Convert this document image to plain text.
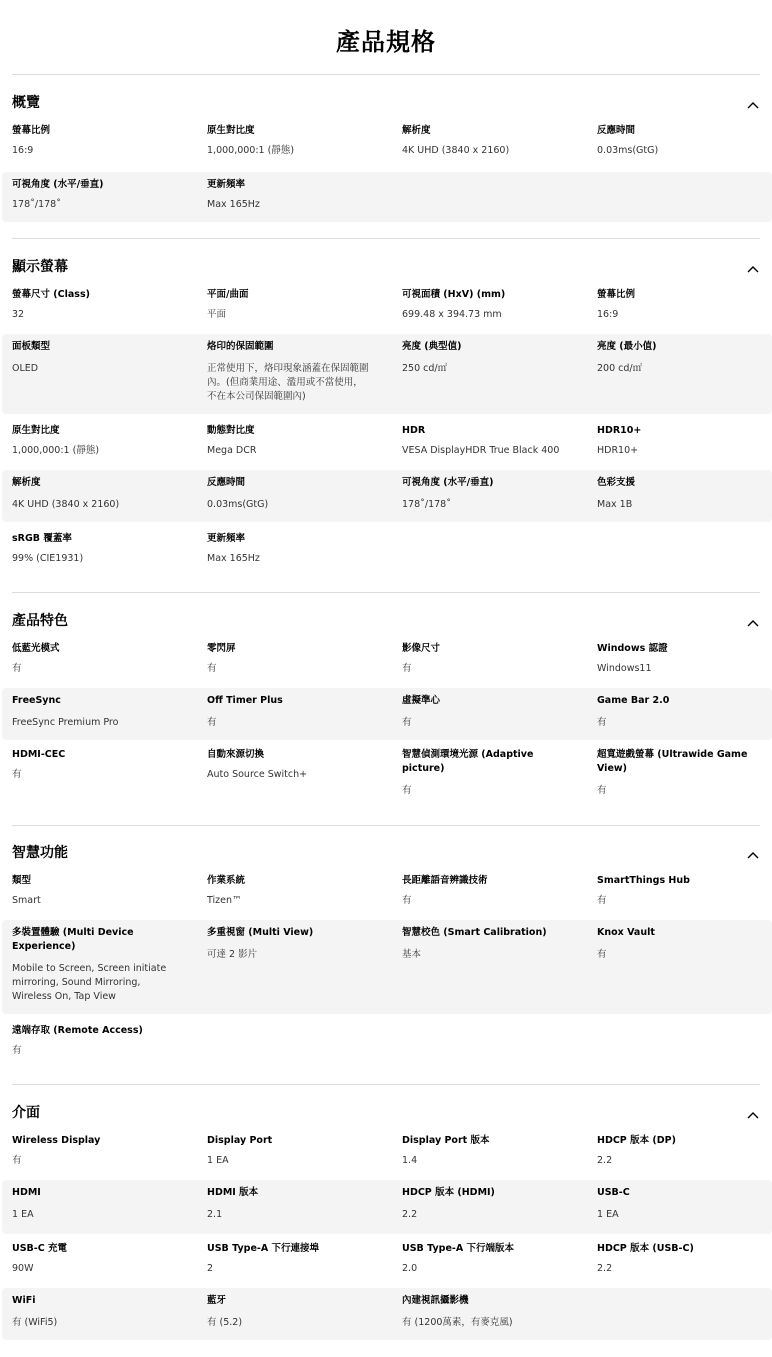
產品規格
概覽
螢幕比例
16:9
原生對比度
1,000,000:1 (靜態)
解析度
4K UHD (3840 x 2160)
反應時間
0.03ms(GtG)
可視角度 (水平/垂直)
178˚/178˚
更新頻率
Max 165Hz
顯示螢幕
螢幕尺寸 (Class)
32
平面/曲面
平面
可視面積 (HxV) (mm)
699.48 x 394.73 mm
螢幕比例
16:9
面板類型
OLED
烙印的保固範圍
正常使用下，烙印現象涵蓋在保固範圍內。(但商業用途、濫用或不當使用，不在本公司保固範圍內)
亮度 (典型值)
250 cd/㎡
亮度 (最小值)
200 cd/㎡
原生對比度
1,000,000:1 (靜態)
動態對比度
Mega DCR
HDR
VESA DisplayHDR True Black 400
HDR10+
HDR10+
解析度
4K UHD (3840 x 2160)
反應時間
0.03ms(GtG)
可視角度 (水平/垂直)
178˚/178˚
色彩支援
Max 1B
sRGB 覆蓋率
99% (CIE1931)
更新頻率
Max 165Hz
產品特色
低藍光模式
有
零閃屏
有
影像尺寸
有
Windows 認證
Windows11
FreeSync
FreeSync Premium Pro
Off Timer Plus
有
虛擬準心
有
Game Bar 2.0
有
HDMI-CEC
有
自動來源切換
Auto Source Switch+
智慧偵測環境光源 (Adaptive picture)
有
超寬遊戲螢幕 (Ultrawide Game View)
有
智慧功能
類型
Smart
作業系統
Tizen™
長距離語音辨識技術
有
SmartThings Hub
有
多裝置體驗 (Multi Device Experience)
Mobile to Screen, Screen initiate mirroring, Sound Mirroring, Wireless On, Tap View
多重視窗 (Multi View)
可達 2 影片
智慧校色 (Smart Calibration)
基本
Knox Vault
有
遠端存取 (Remote Access)
有
介面
Wireless Display
有
Display Port
1 EA
Display Port 版本
1.4
HDCP 版本 (DP)
2.2
HDMI
1 EA
HDMI 版本
2.1
HDCP 版本 (HDMI)
2.2
USB-C
1 EA
USB-C 充電
90W
USB Type-A 下行連接埠
2
USB Type-A 下行端版本
2.0
HDCP 版本 (USB-C)
2.2
WiFi
有 (WiFi5)
藍牙
有 (5.2)
內建視訊攝影機
有 (1200萬素，有麥克風)
